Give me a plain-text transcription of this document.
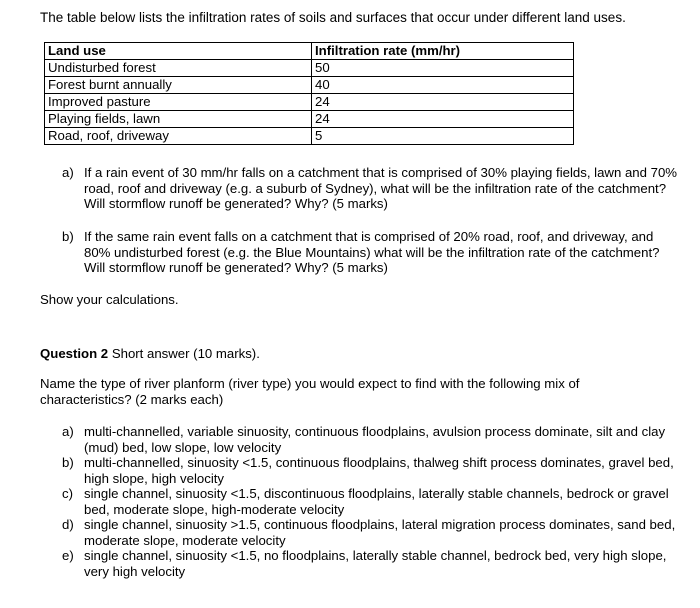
The table below lists the infiltration rates of soils and surfaces that occur under different land uses.
Land use	Infiltration rate (mm/hr)
Undisturbed forest	50
Forest burnt annually	40
Improved pasture	24
Playing fields, lawn	24
Road, roof, driveway	5
a) If a rain event of 30 mm/hr falls on a catchment that is comprised of 30% playing fields, lawn and 70% road, roof and driveway (e.g. a suburb of Sydney), what will be the infiltration rate of the catchment? Will stormflow runoff be generated? Why? (5 marks)
b) If the same rain event falls on a catchment that is comprised of 20% road, roof, and driveway, and 80% undisturbed forest (e.g. the Blue Mountains) what will be the infiltration rate of the catchment? Will stormflow runoff be generated? Why? (5 marks)
Show your calculations.
Question 2 Short answer (10 marks).
Name the type of river planform (river type) you would expect to find with the following mix of characteristics? (2 marks each)
a) multi-channelled, variable sinuosity, continuous floodplains, avulsion process dominate, silt and clay (mud) bed, low slope, low velocity
b) multi-channelled, sinuosity <1.5, continuous floodplains, thalweg shift process dominates, gravel bed, high slope, high velocity
c) single channel, sinuosity <1.5, discontinuous floodplains, laterally stable channels, bedrock or gravel bed, moderate slope, high-moderate velocity
d) single channel, sinuosity >1.5, continuous floodplains, lateral migration process dominates, sand bed, moderate slope, moderate velocity
e) single channel, sinuosity <1.5, no floodplains, laterally stable channel, bedrock bed, very high slope, very high velocity
